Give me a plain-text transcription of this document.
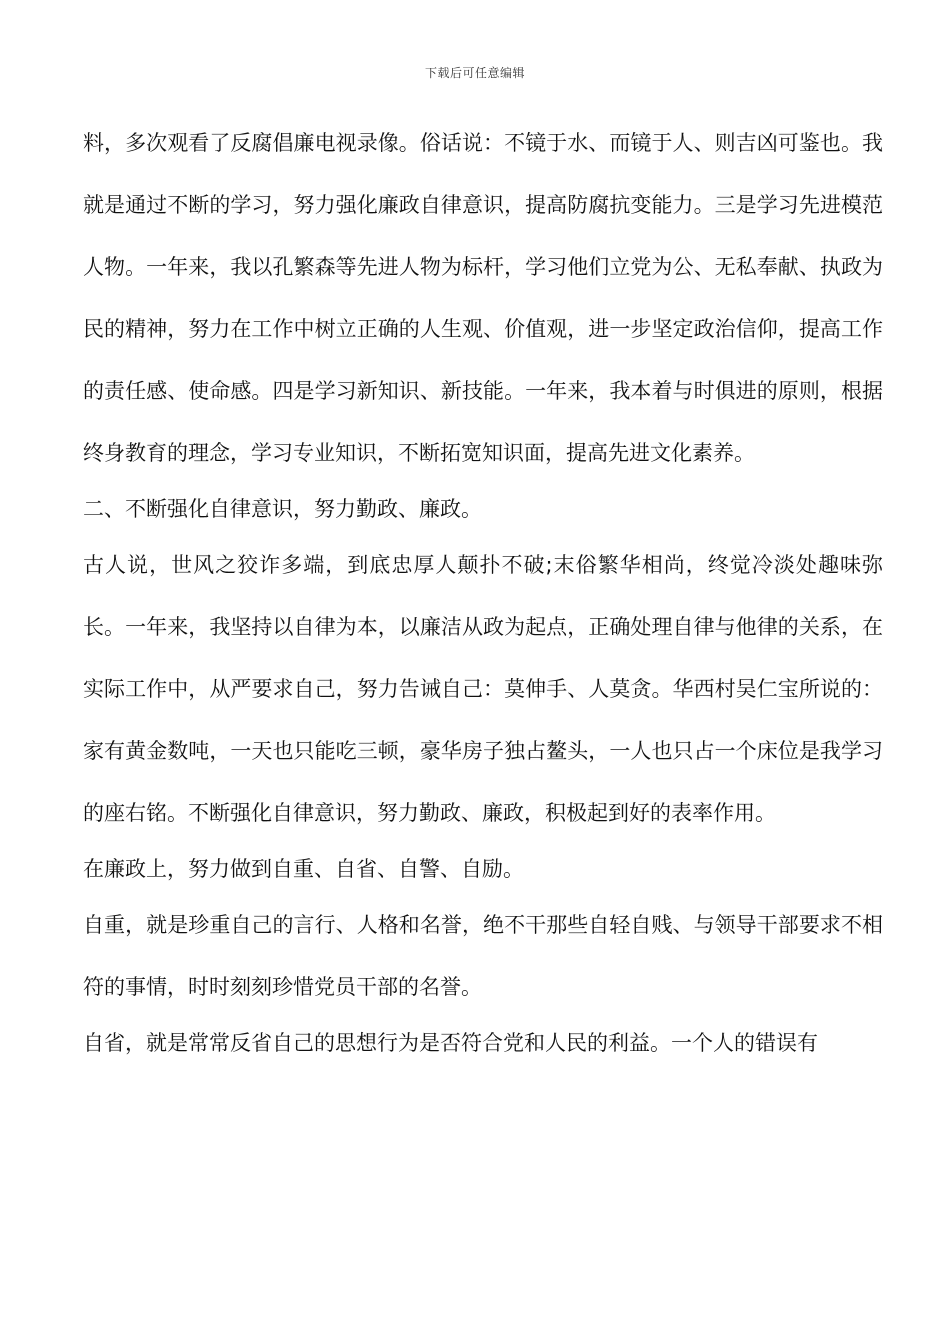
下载后可任意编辑

料，多次观看了反腐倡廉电视录像。俗话说：不镜于水、而镜于人、则吉凶可鉴也。我就是通过不断的学习，努力强化廉政自律意识，提高防腐抗变能力。三是学习先进模范人物。一年来，我以孔繁森等先进人物为标杆，学习他们立党为公、无私奉献、执政为民的精神，努力在工作中树立正确的人生观、价值观，进一步坚定政治信仰，提高工作的责任感、使命感。四是学习新知识、新技能。一年来，我本着与时俱进的原则，根据终身教育的理念，学习专业知识，不断拓宽知识面，提高先进文化素养。

二、不断强化自律意识，努力勤政、廉政。

古人说，世风之狡诈多端，到底忠厚人颠扑不破;末俗繁华相尚，终觉冷淡处趣味弥长。一年来，我坚持以自律为本，以廉洁从政为起点，正确处理自律与他律的关系，在实际工作中，从严要求自己，努力告诫自己：莫伸手、人莫贪。华西村吴仁宝所说的：家有黄金数吨，一天也只能吃三顿，豪华房子独占鳌头，一人也只占一个床位是我学习的座右铭。不断强化自律意识，努力勤政、廉政，积极起到好的表率作用。

在廉政上，努力做到自重、自省、自警、自励。

自重，就是珍重自己的言行、人格和名誉，绝不干那些自轻自贱、与领导干部要求不相符的事情，时时刻刻珍惜党员干部的名誉。

自省，就是常常反省自己的思想行为是否符合党和人民的利益。一个人的错误有
